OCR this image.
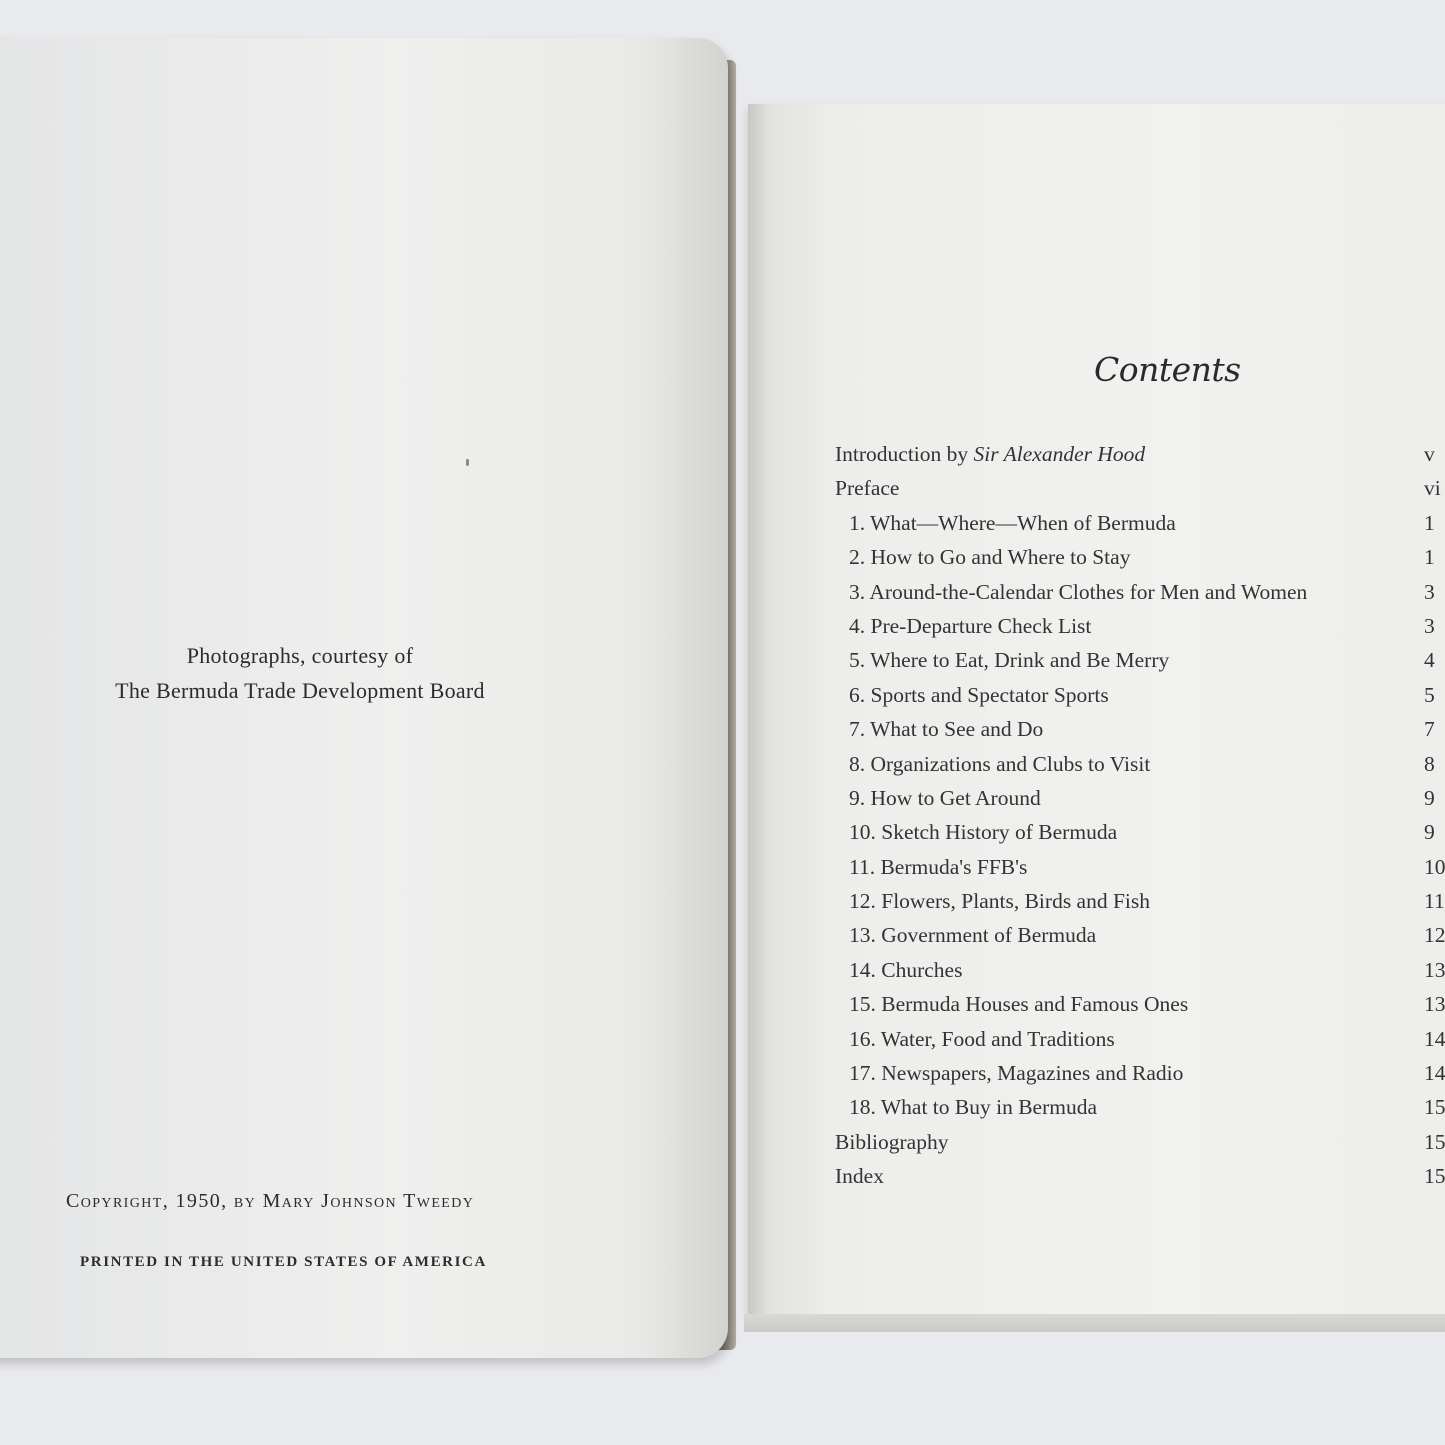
Photographs, courtesy of
The Bermuda Trade Development Board
Copyright, 1950, by Mary Johnson Tweedy
PRINTED IN THE UNITED STATES OF AMERICA
Contents
Introduction by Sir Alexander Hood	v
Preface	vi
1. What—Where—When of Bermuda	1
2. How to Go and Where to Stay	1
3. Around-the-Calendar Clothes for Men and Women	3
4. Pre-Departure Check List	3
5. Where to Eat, Drink and Be Merry	4
6. Sports and Spectator Sports	5
7. What to See and Do	7
8. Organizations and Clubs to Visit	8
9. How to Get Around	9
10. Sketch History of Bermuda	9
11. Bermuda's FFB's	10
12. Flowers, Plants, Birds and Fish	11
13. Government of Bermuda	12
14. Churches	13
15. Bermuda Houses and Famous Ones	13
16. Water, Food and Traditions	14
17. Newspapers, Magazines and Radio	14
18. What to Buy in Bermuda	15
Bibliography	15
Index	15
